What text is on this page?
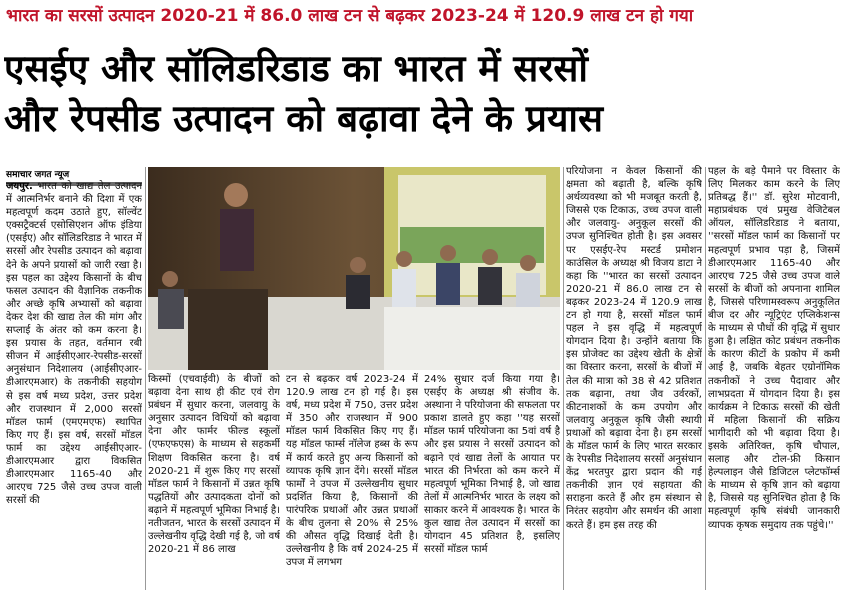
भारत का सरसों उत्पादन 2020-21 में 86.0 लाख टन से बढ़कर 2023-24 में 120.9 लाख टन हो गया
एसईए और सॉलिडरिडाड का भारत में सरसों
और रेपसीड उत्पादन को बढ़ावा देने के प्रयास
समाचार जगत न्यूज
जयपुर. भारत को खाद्य तेल उत्पादन में आत्मनिर्भर बनाने की दिशा में एक महत्वपूर्ण कदम उठाते हुए, सॉल्वेंट एक्सट्रैक्टर्स एसोसिएशन ऑफ इंडिया (एसईए) और सॉलिडरिडाड ने भारत में सरसों और रेपसीड उत्पादन को बढ़ावा देने के अपने प्रयासों को जारी रखा है। इस पहल का उद्देश्य किसानों के बीच फसल उत्पादन की वैज्ञानिक तकनीक और अच्छे कृषि अभ्यासों को बढ़ावा देकर देश की खाद्य तेल की मांग और सप्लाई के अंतर को कम करना है। इस प्रयास के तहत, वर्तमान रबी सीजन में आईसीएआर-रेपसीड-सरसों अनुसंधान निदेशालय (आईसीएआर-डीआरएमआर) के तकनीकी सहयोग से इस वर्ष मध्य प्रदेश, उत्तर प्रदेश और राजस्थान में 2,000 सरसों मॉडल फार्म (एमएमएफ) स्थापित किए गए हैं। इस वर्ष, सरसों मॉडल फार्म का उद्देश्य आईसीएआर-डीआरएमआर द्वारा विकसित डीआरएमआर 1165-40 और आरएच 725 जैसे उच्च उपज वाली सरसों की
किस्मों (एचवाईवी) के बीजों को बढ़ावा देना साथ ही कीट एवं रोग प्रबंधन में सुधार करना, जलवायु के अनुसार उत्पादन विधियों को बढ़ावा देना और फार्मर फील्ड स्कूलों (एफएफएस) के माध्यम से सहकर्मी शिक्षण विकसित करना है। वर्ष 2020-21 में शुरू किए गए सरसों मॉडल फार्म ने किसानों में उन्नत कृषि पद्धतियों और उत्पादकता दोनों को बढ़ाने में महत्वपूर्ण भूमिका निभाई है। नतीजतन, भारत के सरसों उत्पादन में उल्लेखनीय वृद्धि देखी गई है, जो वर्ष 2020-21 में 86 लाख
टन से बढ़कर वर्ष 2023-24 में 120.9 लाख टन हो गई है। इस वर्ष, मध्य प्रदेश में 750, उत्तर प्रदेश में 350 और राजस्थान में 900 मॉडल फार्म विकसित किए गए हैं। यह मॉडल फार्म्स नॉलेज हब्स के रूप में कार्य करते हुए अन्य किसानों को व्यापक कृषि ज्ञान देंगे। सरसों मॉडल फार्मों ने उपज में उल्लेखनीय सुधार प्रदर्शित किया है, किसानों की पारंपरिक प्रथाओं और उन्नत प्रथाओं के बीच तुलना से 20% से 25% की औसत वृद्धि दिखाई देती है। उल्लेखनीय है कि वर्ष 2024-25 में उपज में लगभग
24% सुधार दर्ज किया गया है। एसईए के अध्यक्ष श्री संजीव के. अस्थाना ने परियोजना की सफलता पर प्रकाश डालते हुए कहा ''यह सरसों मॉडल फार्म परियोजना का 5वां वर्ष है और इस प्रयास ने सरसों उत्पादन को बढ़ाने एवं खाद्य तेलों के आयात पर भारत की निर्भरता को कम करने में महत्वपूर्ण भूमिका निभाई है, जो खाद्य तेलों में आत्मनिर्भर भारत के लक्ष्य को साकार करने में आवश्यक है। भारत के कुल खाद्य तेल उत्पादन में सरसों का योगदान 45 प्रतिशत है, इसलिए सरसों मॉडल फार्म
परियोजना न केवल किसानों की क्षमता को बढ़ाती है, बल्कि कृषि अर्थव्यवस्था को भी मजबूत करती है, जिससे एक टिकाऊ, उच्च उपज वाली और जलवायु- अनुकूल सरसों की उपज सुनिश्चित होती है। इस अवसर पर एसईए-रेप मस्टर्ड प्रमोशन काउंसिल के अध्यक्ष श्री विजय डाटा ने कहा कि ''भारत का सरसों उत्पादन 2020-21 में 86.0 लाख टन से बढ़कर 2023-24 में 120.9 लाख टन हो गया है, सरसों मॉडल फार्म पहल ने इस वृद्धि में महत्वपूर्ण योगदान दिया है। उन्होंने बताया कि इस प्रोजेक्ट का उद्देश्य खेती के क्षेत्रों का विस्तार करना, सरसों के बीजों में तेल की मात्रा को 38 से 42 प्रतिशत तक बढ़ाना, तथा जैव उर्वरकों, कीटनाशकों के कम उपयोग और जलवायु अनुकूल कृषि जैसी स्थायी प्रथाओं को बढ़ावा देना है। हम सरसों के मॉडल फार्म के लिए भारत सरकार के रेपसीड निदेशालय सरसों अनुसंधान केंद्र भरतपुर द्वारा प्रदान की गई तकनीकी ज्ञान एवं सहायता की सराहना करते हैं और हम संस्थान से निरंतर सहयोग और समर्थन की आशा करते हैं। हम इस तरह की
पहल के बड़े पैमाने पर विस्तार के लिए मिलकर काम करने के लिए प्रतिबद्ध हैं।'' डॉ. सुरेश मोटवानी, महाप्रबंधक एवं प्रमुख वेजिटेबल ऑयल, सॉलिडरिडाड ने बताया, ''सरसों मॉडल फार्म का किसानों पर महत्वपूर्ण प्रभाव पड़ा है, जिसमें डीआरएमआर 1165-40 और आरएच 725 जैसे उच्च उपज वाले सरसों के बीजों को अपनाना शामिल है, जिससे परिणामस्वरूप अनुकूलित बीज दर और न्यूट्रिएंट एप्लिकेशन्स के माध्यम से पौधों की वृद्धि में सुधार हुआ है। लक्षित कोट प्रबंधन तकनीक के कारण कीटों के प्रकोप में कमी आई है, जबकि बेहतर एग्रोनॉमिक तकनीकों ने उच्च पैदावार और लाभप्रदता में योगदान दिया है। इस कार्यक्रम ने टिकाऊ सरसों की खेती में महिला किसानों की सक्रिय भागीदारी को भी बढ़ावा दिया है। इसके अतिरिक्त, कृषि चौपाल, सलाह और टोल-फ्री किसान हेल्पलाइन जैसे डिजिटल प्लेटफॉर्म्स के माध्यम से कृषि ज्ञान को बढ़ाया है, जिससे यह सुनिश्चित होता है कि महत्वपूर्ण कृषि संबंधी जानकारी व्यापक कृषक समुदाय तक पहुंचे।''
